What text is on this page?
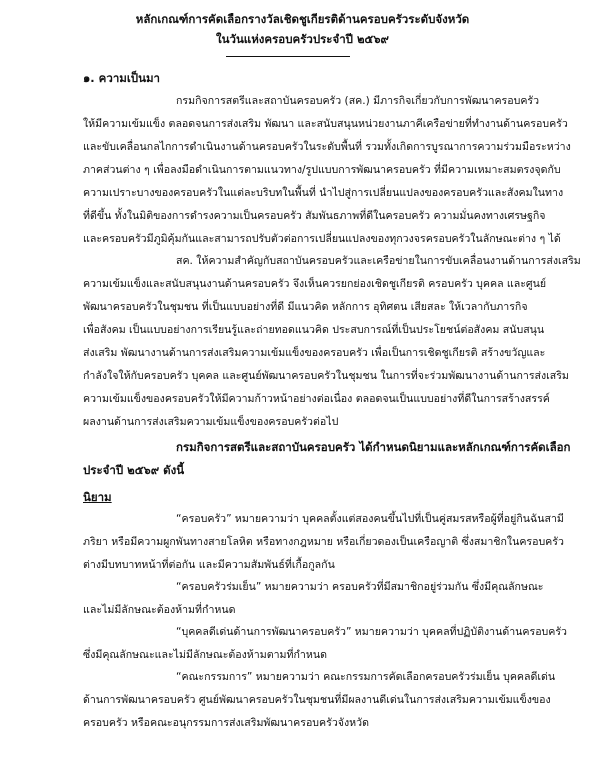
หลักเกณฑ์การคัดเลือกรางวัลเชิดชูเกียรติด้านครอบครัวระดับจังหวัด
ในวันแห่งครอบครัวประจำปี ๒๕๖๙
๑. ความเป็นมา
กรมกิจการสตรีและสถาบันครอบครัว (สค.) มีภารกิจเกี่ยวกับการพัฒนาครอบครัว
ให้มีความเข้มแข็ง ตลอดจนการส่งเสริม พัฒนา และสนับสนุนหน่วยงานภาคีเครือข่ายที่ทำงานด้านครอบครัว
และขับเคลื่อนกลไกการดำเนินงานด้านครอบครัวในระดับพื้นที่ รวมทั้งเกิดการบูรณาการความร่วมมือระหว่าง
ภาคส่วนต่าง ๆ เพื่อลงมือดำเนินการตามแนวทาง/รูปแบบการพัฒนาครอบครัว ที่มีความเหมาะสมตรงจุดกับ
ความเปราะบางของครอบครัวในแต่ละบริบทในพื้นที่ นำไปสู่การเปลี่ยนแปลงของครอบครัวและสังคมในทาง
ที่ดีขึ้น ทั้งในมิติของการดำรงความเป็นครอบครัว สัมพันธภาพที่ดีในครอบครัว ความมั่นคงทางเศรษฐกิจ
และครอบครัวมีภูมิคุ้มกันและสามารถปรับตัวต่อการเปลี่ยนแปลงของทุกวงจรครอบครัวในลักษณะต่าง ๆ ได้
สค. ให้ความสำคัญกับสถาบันครอบครัวและเครือข่ายในการขับเคลื่อนงานด้านการส่งเสริม
ความเข้มแข็งและสนับสนุนงานด้านครอบครัว จึงเห็นควรยกย่องเชิดชูเกียรติ ครอบครัว บุคคล และศูนย์
พัฒนาครอบครัวในชุมชน ที่เป็นแบบอย่างที่ดี มีแนวคิด หลักการ อุทิศตน เสียสละ ให้เวลากับภารกิจ
เพื่อสังคม เป็นแบบอย่างการเรียนรู้และถ่ายทอดแนวคิด ประสบการณ์ที่เป็นประโยชน์ต่อสังคม สนับสนุน
ส่งเสริม พัฒนางานด้านการส่งเสริมความเข้มแข็งของครอบครัว เพื่อเป็นการเชิดชูเกียรติ สร้างขวัญและ
กำลังใจให้กับครอบครัว บุคคล และศูนย์พัฒนาครอบครัวในชุมชน ในการที่จะร่วมพัฒนางานด้านการส่งเสริม
ความเข้มแข็งของครอบครัวให้มีความก้าวหน้าอย่างต่อเนื่อง ตลอดจนเป็นแบบอย่างที่ดีในการสร้างสรรค์
ผลงานด้านการส่งเสริมความเข้มแข็งของครอบครัวต่อไป
กรมกิจการสตรีและสถาบันครอบครัว ได้กำหนดนิยามและหลักเกณฑ์การคัดเลือก
ประจำปี ๒๕๖๙ ดังนี้
นิยาม
“ครอบครัว” หมายความว่า บุคคลตั้งแต่สองคนขึ้นไปที่เป็นคู่สมรสหรือผู้ที่อยู่กินฉันสามี
ภริยา หรือมีความผูกพันทางสายโลหิต หรือทางกฎหมาย หรือเกี่ยวดองเป็นเครือญาติ ซึ่งสมาชิกในครอบครัว
ต่างมีบทบาทหน้าที่ต่อกัน และมีความสัมพันธ์ที่เกื้อกูลกัน
“ครอบครัวร่มเย็น” หมายความว่า ครอบครัวที่มีสมาชิกอยู่ร่วมกัน ซึ่งมีคุณลักษณะ
และไม่มีลักษณะต้องห้ามที่กำหนด
“บุคคลดีเด่นด้านการพัฒนาครอบครัว” หมายความว่า บุคคลที่ปฏิบัติงานด้านครอบครัว
ซึ่งมีคุณลักษณะและไม่มีลักษณะต้องห้ามตามที่กำหนด
“คณะกรรมการ” หมายความว่า คณะกรรมการคัดเลือกครอบครัวร่มเย็น บุคคลดีเด่น
ด้านการพัฒนาครอบครัว ศูนย์พัฒนาครอบครัวในชุมชนที่มีผลงานดีเด่นในการส่งเสริมความเข้มแข็งของ
ครอบครัว หรือคณะอนุกรรมการส่งเสริมพัฒนาครอบครัวจังหวัด
